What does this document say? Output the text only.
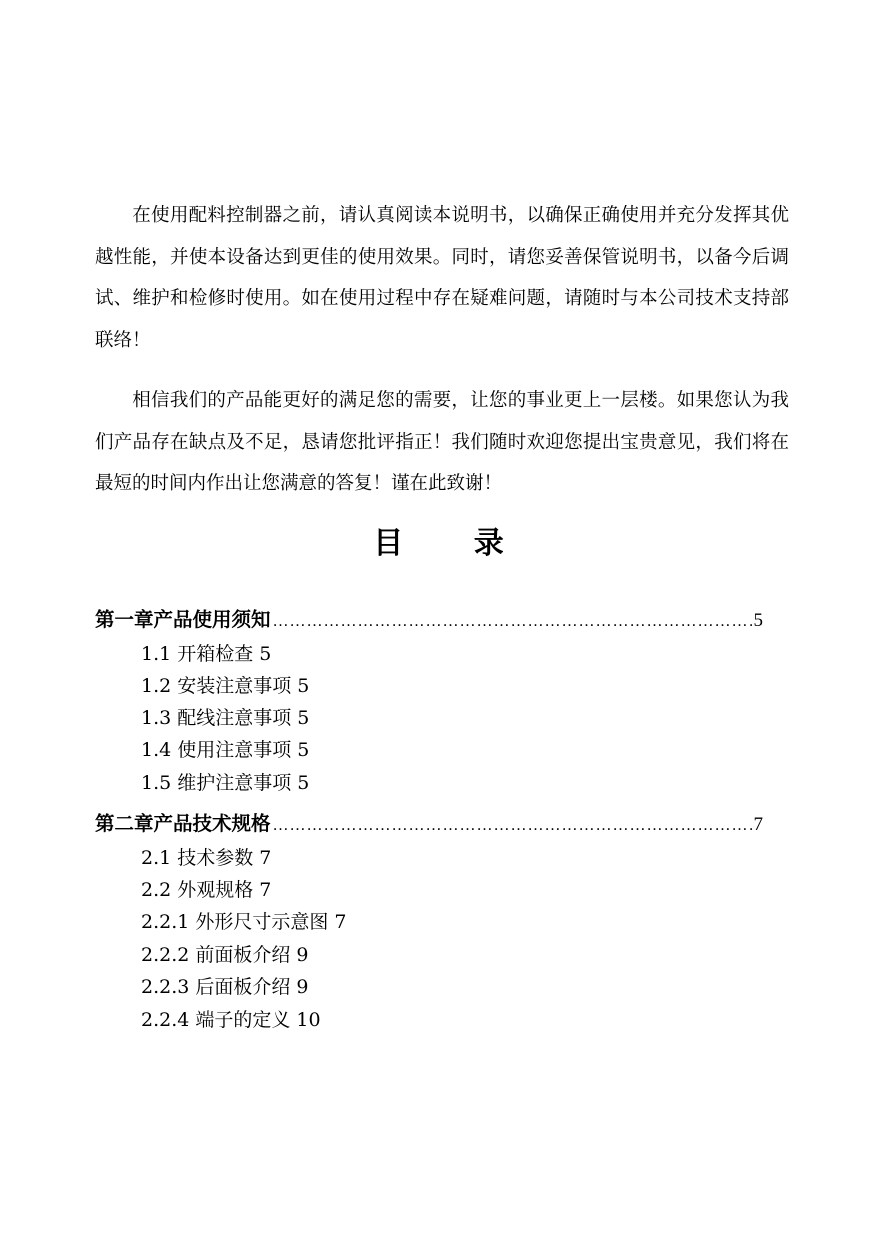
在使用配料控制器之前，请认真阅读本说明书，以确保正确使用并充分发挥其优越性能，并使本设备达到更佳的使用效果。同时，请您妥善保管说明书，以备今后调试、维护和检修时使用。如在使用过程中存在疑难问题，请随时与本公司技术支持部联络！

相信我们的产品能更好的满足您的需要，让您的事业更上一层楼。如果您认为我们产品存在缺点及不足，恳请您批评指正！我们随时欢迎您提出宝贵意见，我们将在最短的时间内作出让您满意的答复！谨在此致谢！

目 录
第一章产品使用须知 …………………………………………………………………………………………………………………………	5
1.1 开箱检查 5
1.2 安装注意事项 5
1.3 配线注意事项 5
1.4 使用注意事项 5
1.5 维护注意事项 5
第二章产品技术规格 …………………………………………………………………………………………………………………………	7
2.1 技术参数 7
2.2 外观规格 7
2.2.1 外形尺寸示意图 7
2.2.2 前面板介绍 9
2.2.3 后面板介绍 9
2.2.4 端子的定义 10
